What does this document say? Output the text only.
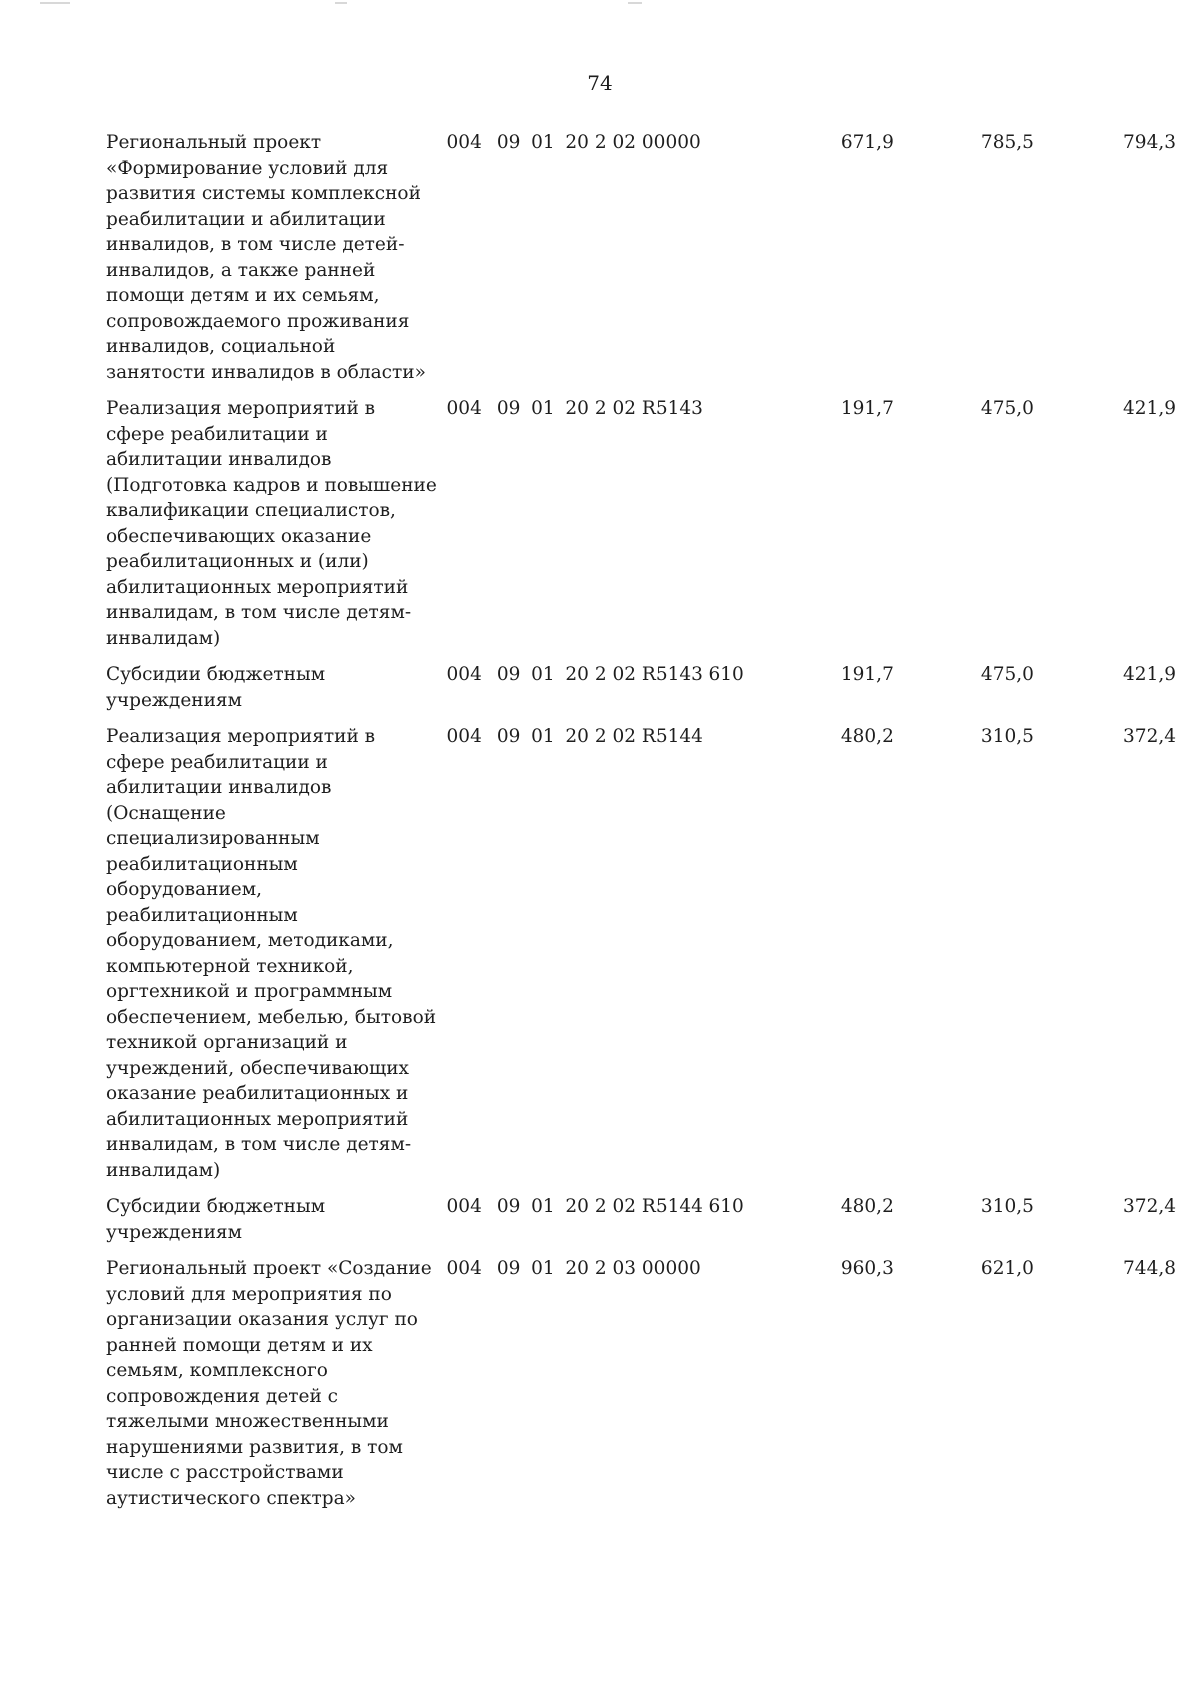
74
Региональный проект «Формирование условий для развития системы комплексной реабилитации и абилитации инвалидов, в том числе детей-инвалидов, а также ранней помощи детям и их семьям, сопровождаемого проживания инвалидов, социальной занятости инвалидов в области»	004	09	01	20 2 02 00000		671,9	785,5	794,3

Реализация мероприятий в сфере реабилитации и абилитации инвалидов (Подготовка кадров и повышение квалификации специалистов, обеспечивающих оказание реабилитационных и (или) абилитационных мероприятий инвалидам, в том числе детям-инвалидам)	004	09	01	20 2 02 R5143		191,7	475,0	421,9

Субсидии бюджетным учреждениям	004	09	01	20 2 02 R5143	610	191,7	475,0	421,9

Реализация мероприятий в сфере реабилитации и абилитации инвалидов (Оснащение специализированным реабилитационным оборудованием, реабилитационным оборудованием, методиками, компьютерной техникой, оргтехникой и программным обеспечением, мебелью, бытовой техникой организаций и учреждений, обеспечивающих оказание реабилитационных и абилитационных мероприятий инвалидам, в том числе детям-инвалидам)	004	09	01	20 2 02 R5144		480,2	310,5	372,4

Субсидии бюджетным учреждениям	004	09	01	20 2 02 R5144	610	480,2	310,5	372,4

Региональный проект «Создание условий для мероприятия по организации оказания услуг по ранней помощи детям и их семьям, комплексного сопровождения детей с тяжелыми множественными нарушениями развития, в том числе с расстройствами аутистического спектра»	004	09	01	20 2 03 00000		960,3	621,0	744,8
